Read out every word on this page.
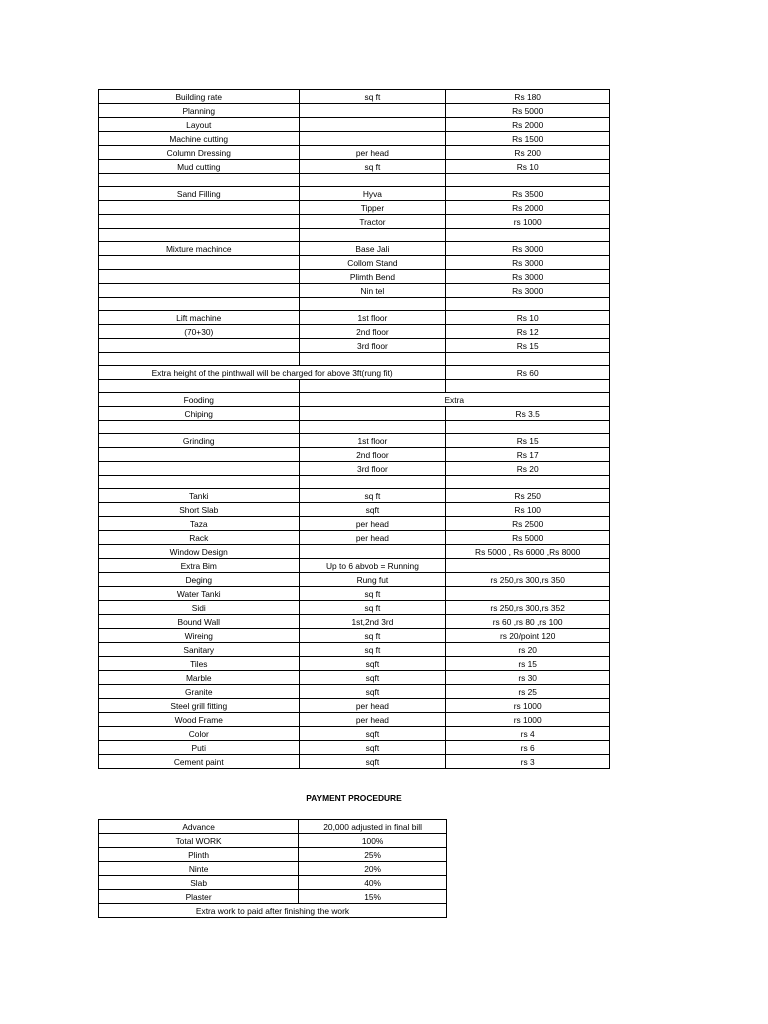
Building rate	sq ft	Rs 180
Planning		Rs 5000
Layout		Rs 2000
Machine cutting		Rs 1500
Column Dressing	per head	Rs 200
Mud cutting	sq ft	Rs 10

Sand Filling	Hyva	Rs 3500
	Tipper	Rs 2000
	Tractor	rs 1000

Mixture machince	Base Jali	Rs 3000
	Collom Stand	Rs 3000
	Plimth Bend	Rs 3000
	Nin tel	Rs 3000

Lift machine	1st floor	Rs 10
(70+30)	2nd floor	Rs 12
	3rd floor	Rs 15

Extra height of the pinthwall will be charged for above 3ft(rung fit)		Rs 60

Fooding	Extra	
Chiping		Rs 3.5

Grinding	1st floor	Rs 15
	2nd floor	Rs 17
	3rd floor	Rs 20

Tanki	sq ft	Rs 250
Short Slab	sqft	Rs 100
Taza	per head	Rs 2500
Rack	per head	Rs 5000
Window Design		Rs 5000 , Rs 6000 ,Rs 8000
Extra Bim	Up to 6 abvob = Running	
Deging	Rung fut	rs 250,rs 300,rs 350
Water Tanki	sq ft	
Sidi	sq ft	rs 250,rs 300,rs 352
Bound Wall	1st,2nd 3rd	rs 60 ,rs 80 ,rs 100
Wireing	sq ft	rs 20/point 120
Sanitary	sq ft	rs 20
Tiles	sqft	rs 15
Marble	sqft	rs 30
Granite	sqft	rs 25
Steel grill fitting	per head	rs 1000
Wood Frame	per head	rs 1000
Color	sqft	rs 4
Puti	sqft	rs 6
Cement paint	sqft	rs 3
PAYMENT PROCEDURE
Advance	20,000 adjusted in final bill
Total WORK	100%
Plinth	25%
Ninte	20%
Slab	40%
Plaster	15%
Extra work to paid after finishing the work	
